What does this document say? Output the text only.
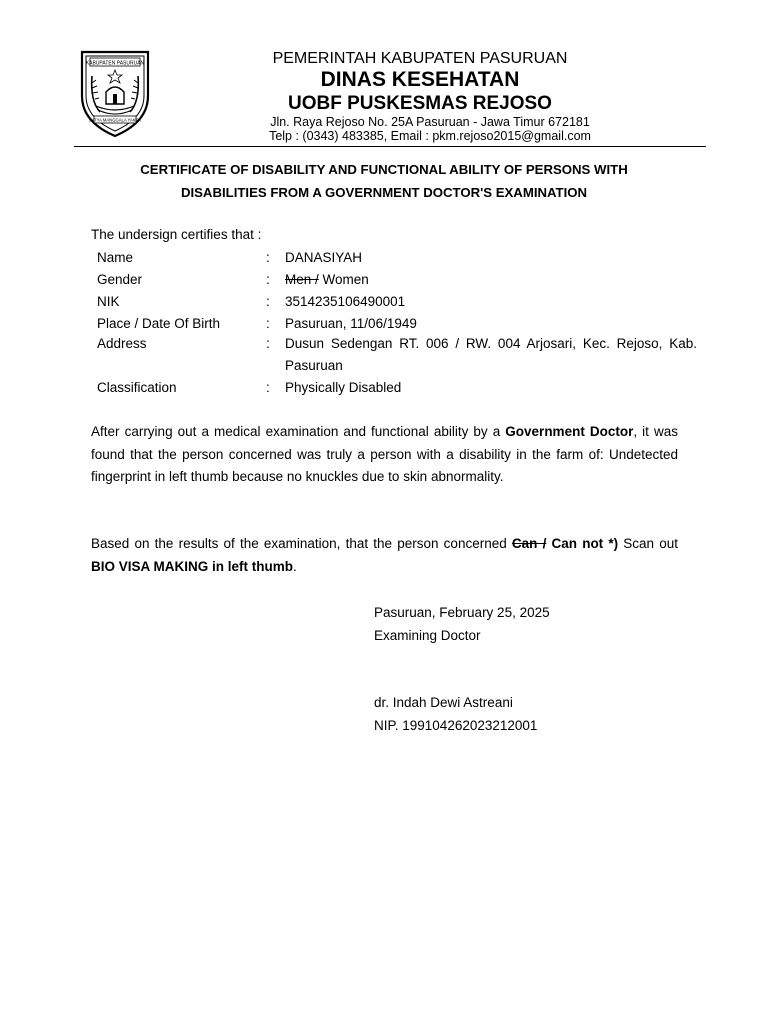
KABUPATEN PASURUAN
SATYA MANGGALA YAKSA
PEMERINTAH KABUPATEN PASURUAN
DINAS KESEHATAN
UOBF PUSKESMAS REJOSO
Jln. Raya Rejoso No. 25A Pasuruan - Jawa Timur 672181
Telp : (0343) 483385, Email : pkm.rejoso2015@gmail.com
CERTIFICATE OF DISABILITY AND FUNCTIONAL ABILITY OF PERSONS WITH
DISABILITIES FROM A GOVERNMENT DOCTOR'S EXAMINATION
The undersign certifies that :
Name	: DANASIYAH
Gender	: Men / Women
NIK	: 3514235106490001
Place / Date Of Birth	: Pasuruan, 11/06/1949
Address	: Dusun Sedengan RT. 006 / RW. 004 Arjosari, Kec. Rejoso, Kab. Pasuruan
Classification	: Physically Disabled
After carrying out a medical examination and functional ability by a Government Doctor, it was found that the person concerned was truly a person with a disability in the farm of: Undetected fingerprint in left thumb because no knuckles due to skin abnormality.
Based on the results of the examination, that the person concerned Can / Can not *) Scan out BIO VISA MAKING in left thumb.
Pasuruan, February 25, 2025
Examining Doctor
dr. Indah Dewi Astreani
NIP. 199104262023212001
